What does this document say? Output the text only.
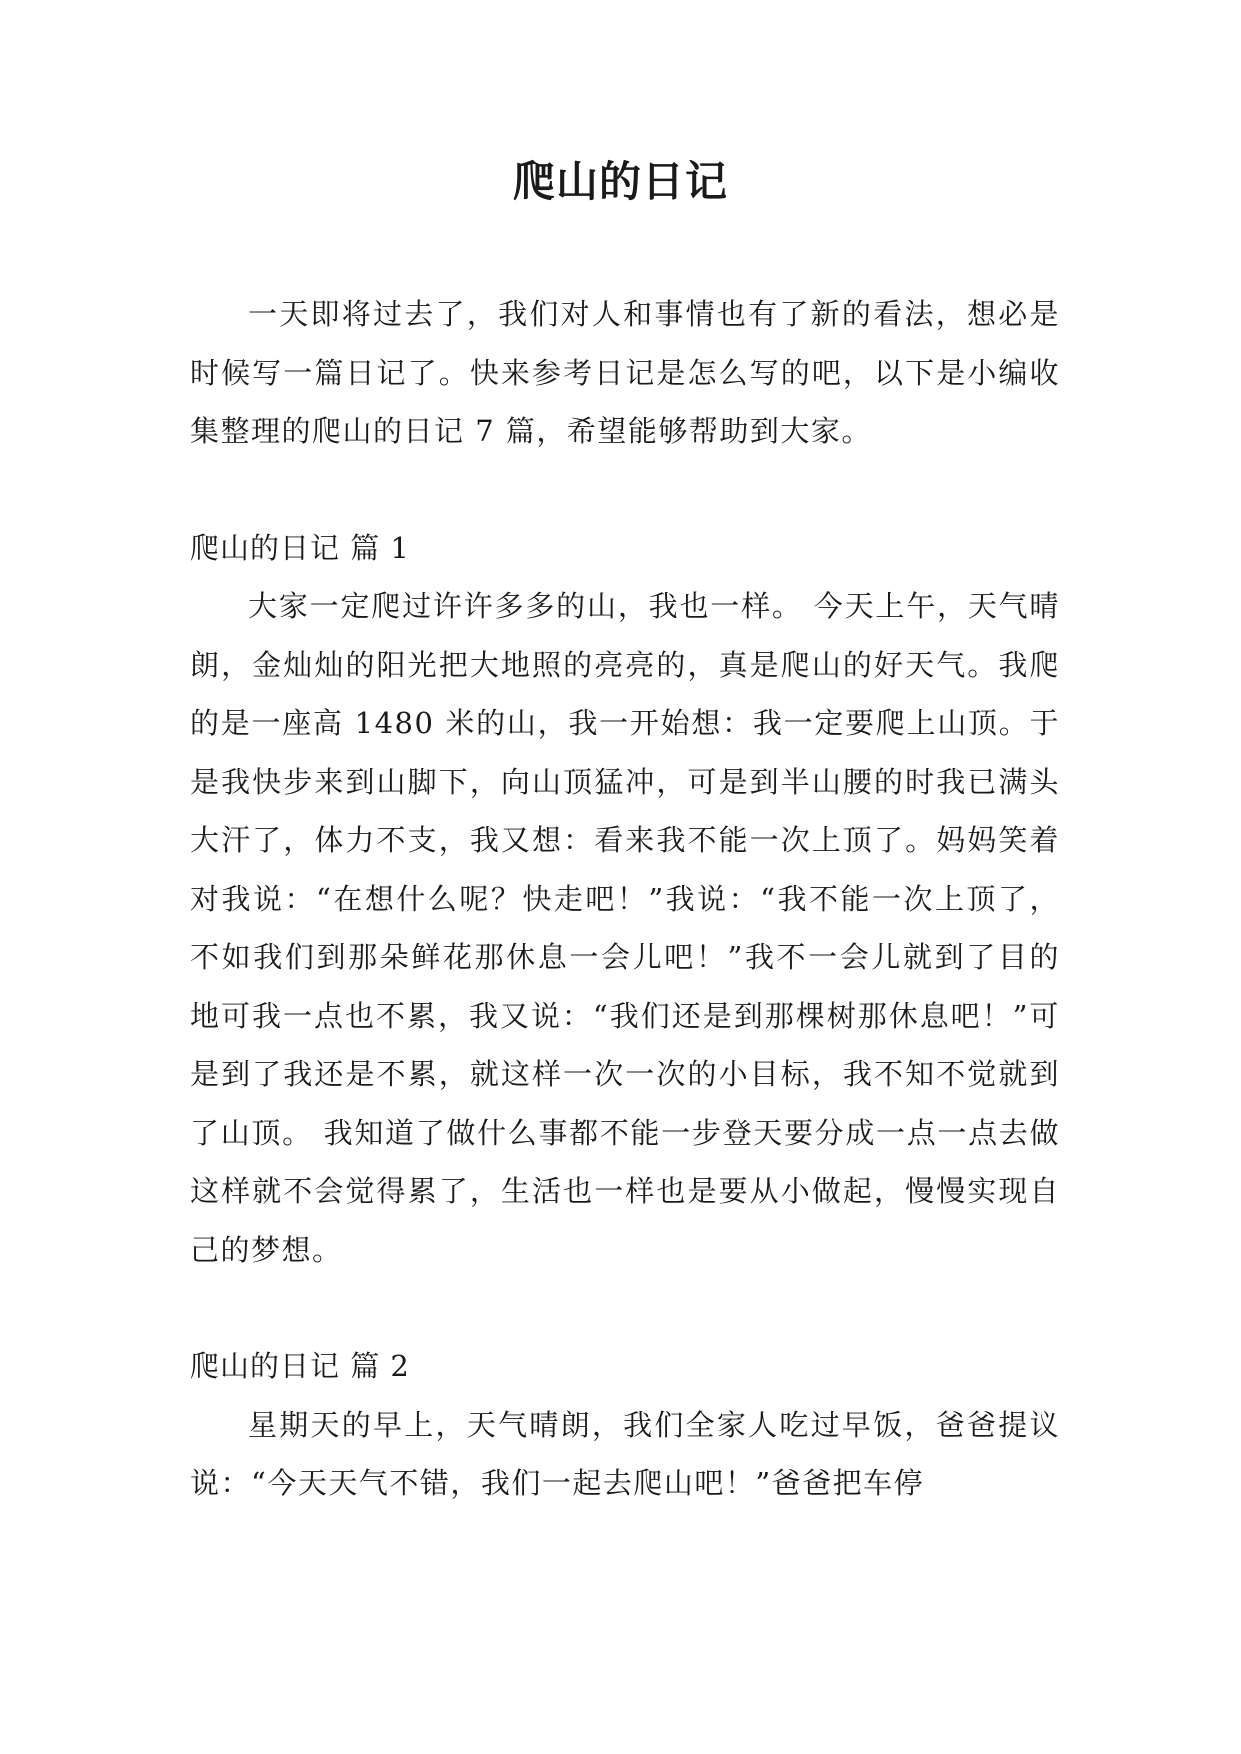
爬山的日记

一天即将过去了，我们对人和事情也有了新的看法，想必是时候写一篇日记了。快来参考日记是怎么写的吧，以下是小编收集整理的爬山的日记 7 篇，希望能够帮助到大家。

爬山的日记 篇 1

大家一定爬过许许多多的山，我也一样。 今天上午，天气晴朗，金灿灿的阳光把大地照的亮亮的，真是爬山的好天气。我爬的是一座高 1480 米的山，我一开始想：我一定要爬上山顶。于是我快步来到山脚下，向山顶猛冲，可是到半山腰的时我已满头大汗了，体力不支，我又想：看来我不能一次上顶了。妈妈笑着对我说：“在想什么呢？快走吧！”我说：“我不能一次上顶了，不如我们到那朵鲜花那休息一会儿吧！”我不一会儿就到了目的地可我一点也不累，我又说：“我们还是到那棵树那休息吧！”可是到了我还是不累，就这样一次一次的小目标，我不知不觉就到了山顶。 我知道了做什么事都不能一步登天要分成一点一点去做这样就不会觉得累了，生活也一样也是要从小做起，慢慢实现自己的梦想。

爬山的日记 篇 2

星期天的早上，天气晴朗，我们全家人吃过早饭，爸爸提议说：“今天天气不错，我们一起去爬山吧！”爸爸把车停
